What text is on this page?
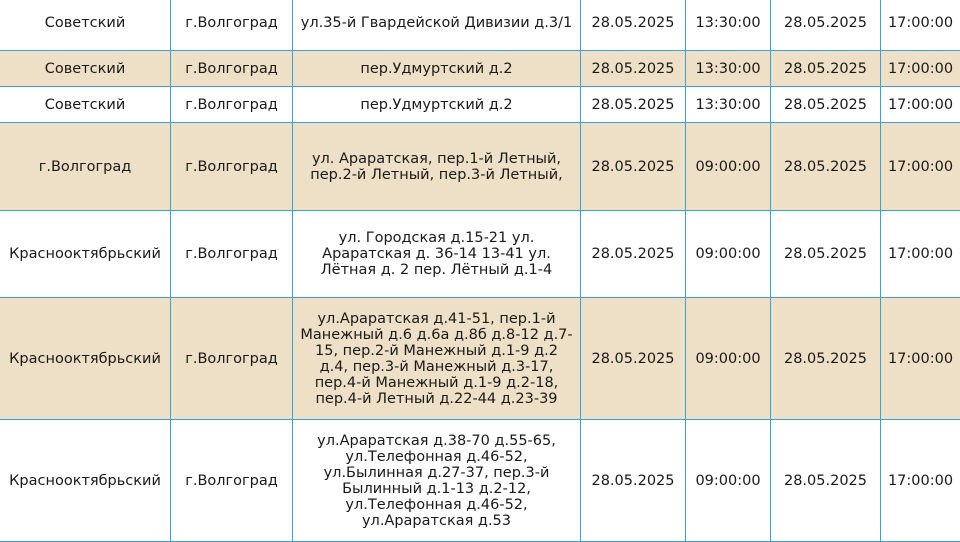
Советский	г.Волгоград	ул.35-й Гвардейской Дивизии д.3/1	28.05.2025	13:30:00	28.05.2025	17:00:00
Советский	г.Волгоград	пер.Удмуртский д.2	28.05.2025	13:30:00	28.05.2025	17:00:00
Советский	г.Волгоград	пер.Удмуртский д.2	28.05.2025	13:30:00	28.05.2025	17:00:00
г.Волгоград	г.Волгоград	ул. Араратская, пер.1-й Летный, пер.2-й Летный, пер.3-й Летный,	28.05.2025	09:00:00	28.05.2025	17:00:00
Краснооктябрьский	г.Волгоград	ул. Городская д.15-21 ул. Араратская д. 36-14 13-41 ул. Лётная д. 2 пер. Лётный д.1-4	28.05.2025	09:00:00	28.05.2025	17:00:00
Краснооктябрьский	г.Волгоград	ул.Араратская д.41-51, пер.1-й Манежный д.6 д.6а д.8б д.8-12 д.7-15, пер.2-й Манежный д.1-9 д.2 д.4, пер.3-й Манежный д.3-17, пер.4-й Манежный д.1-9 д.2-18, пер.4-й Летный д.22-44 д.23-39	28.05.2025	09:00:00	28.05.2025	17:00:00
Краснооктябрьский	г.Волгоград	ул.Араратская д.38-70 д.55-65, ул.Телефонная д.46-52, ул.Былинная д.27-37, пер.3-й Былинный д.1-13 д.2-12, ул.Телефонная д.46-52, ул.Араратская д.53	28.05.2025	09:00:00	28.05.2025	17:00:00
